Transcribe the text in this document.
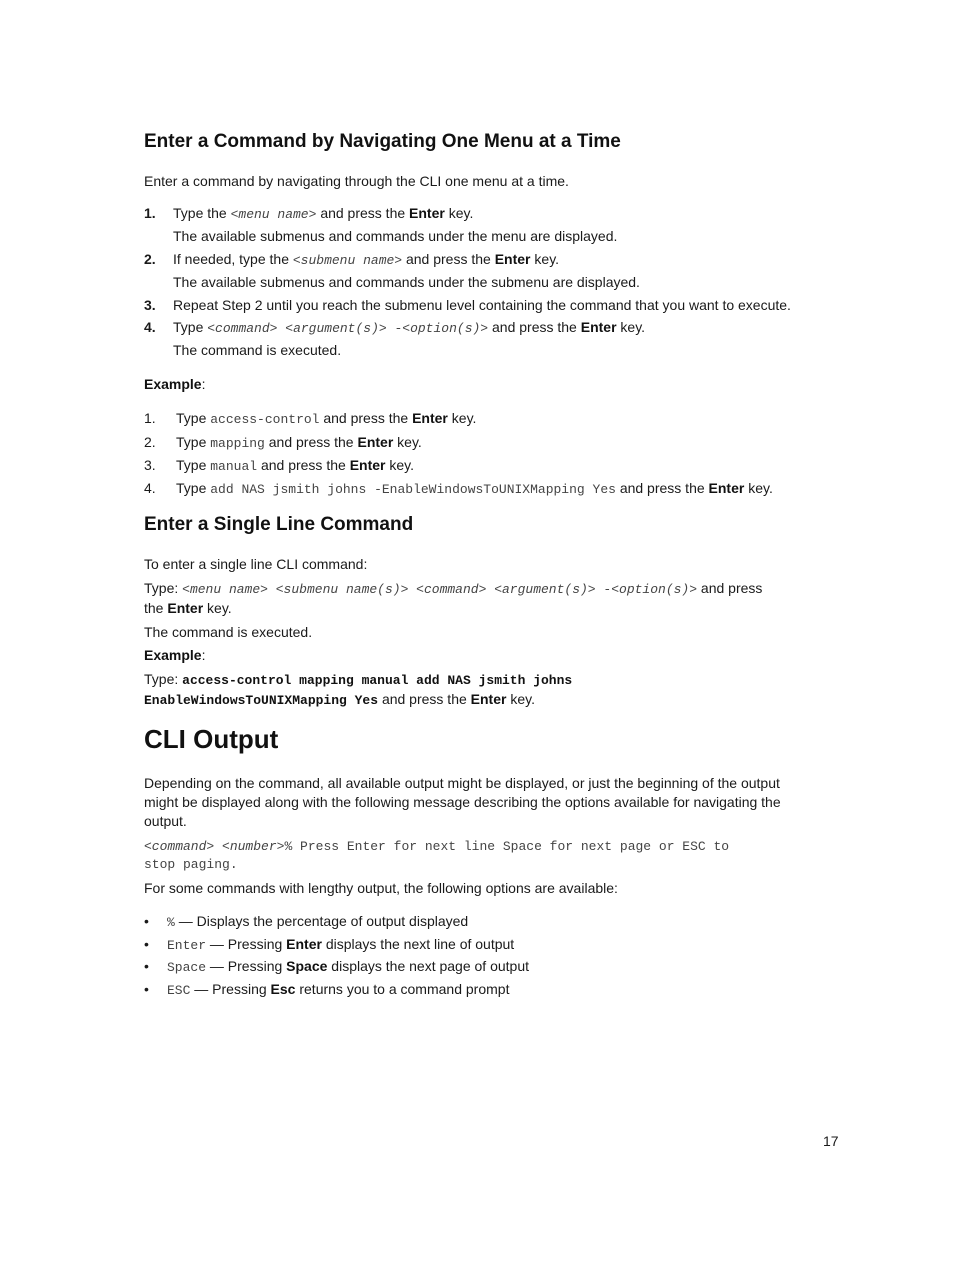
Enter a Command by Navigating One Menu at a Time
Enter a command by navigating through the CLI one menu at a time.
1. Type the <menu name> and press the Enter key.
The available submenus and commands under the menu are displayed.
2. If needed, type the <submenu name> and press the Enter key.
The available submenus and commands under the submenu are displayed.
3. Repeat Step 2 until you reach the submenu level containing the command that you want to execute.
4. Type <command> <argument(s)> -<option(s)> and press the Enter key.
The command is executed.
Example:
1. Type access-control and press the Enter key.
2. Type mapping and press the Enter key.
3. Type manual and press the Enter key.
4. Type add NAS jsmith johns -EnableWindowsToUNIXMapping Yes and press the Enter key.
Enter a Single Line Command
To enter a single line CLI command:
Type: <menu name> <submenu name(s)> <command> <argument(s)> -<option(s)> and press
the Enter key.
The command is executed.
Example:
Type: access-control mapping manual add NAS jsmith johns
EnableWindowsToUNIXMapping Yes and press the Enter key.
CLI Output
Depending on the command, all available output might be displayed, or just the beginning of the output
might be displayed along with the following message describing the options available for navigating the
output.
<command> <number>% Press Enter for next line Space for next page or ESC to
stop paging.
For some commands with lengthy output, the following options are available:
• % — Displays the percentage of output displayed
• Enter — Pressing Enter displays the next line of output
• Space — Pressing Space displays the next page of output
• ESC — Pressing Esc returns you to a command prompt
17
